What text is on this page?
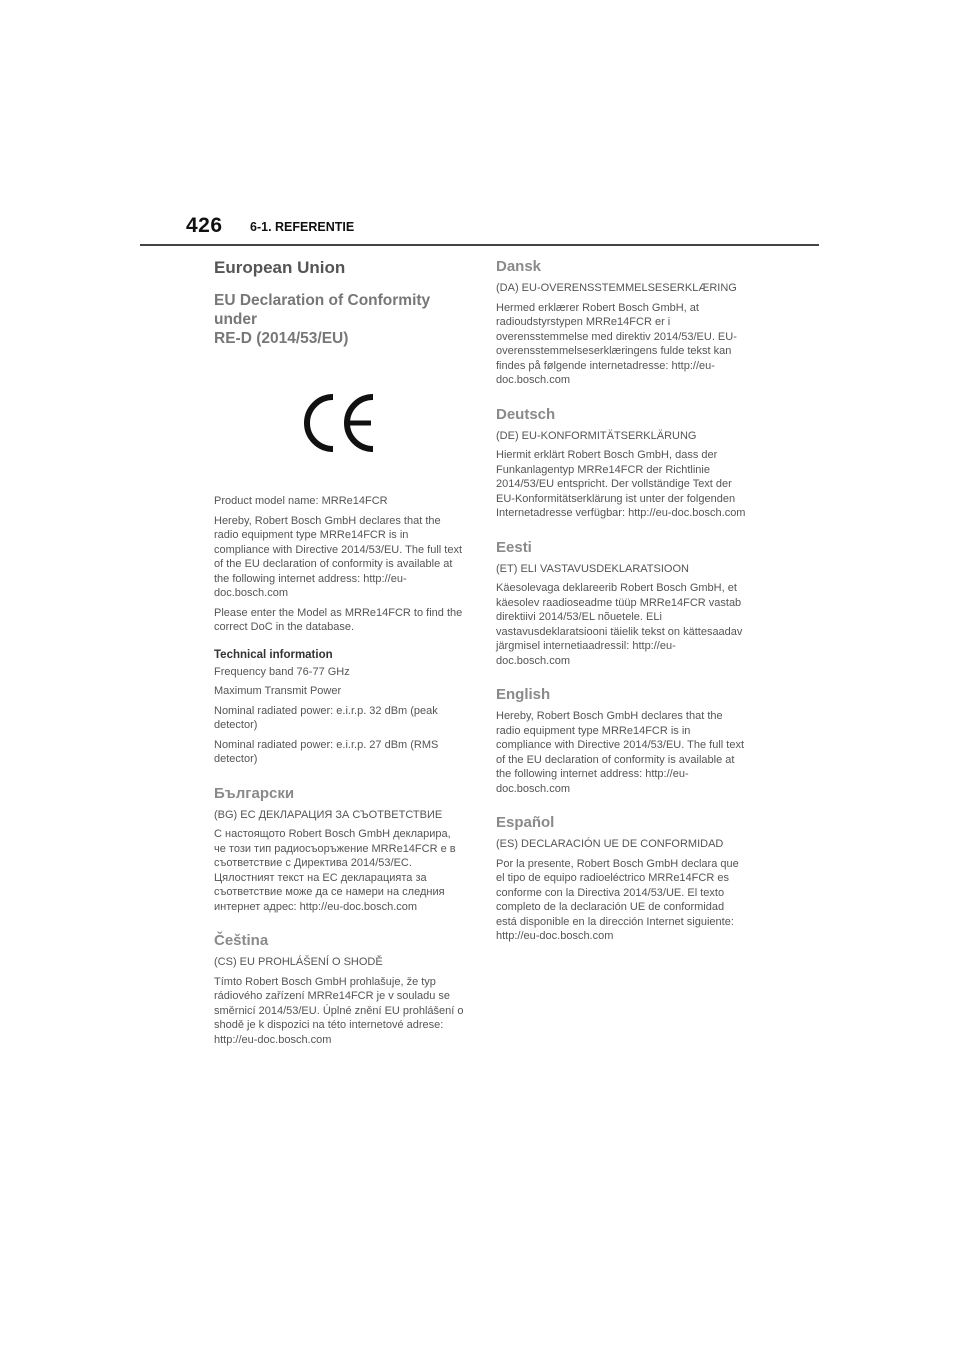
426 6-1. REFERENTIE
European Union
EU Declaration of Conformity under
RE-D (2014/53/EU)

Product model name: MRRe14FCR

Hereby, Robert Bosch GmbH declares that the radio equipment type MRRe14FCR is in compliance with Directive 2014/53/EU. The full text of the EU declaration of conformity is available at the following internet address: http://eu-doc.bosch.com

Please enter the Model as MRRe14FCR to find the correct DoC in the database.

Technical information

Frequency band 76-77 GHz

Maximum Transmit Power

Nominal radiated power: e.i.r.p. 32 dBm (peak detector)

Nominal radiated power: e.i.r.p. 27 dBm (RMS detector)

Български

(BG) ЕС ДЕКЛАРАЦИЯ ЗА СЪОТВЕТСТВИЕ

С настоящото Robert Bosch GmbH декларира, че този тип радиосъоръжение MRRe14FCR е в съответствие с Директива 2014/53/ЕС. Цялостният текст на ЕС декларацията за съответствие може да се намери на следния интернет адрес: http://eu-doc.bosch.com

Čeština

(CS) EU PROHLÁŠENÍ O SHODĚ

Tímto Robert Bosch GmbH prohlašuje, že typ rádiového zařízení MRRe14FCR je v souladu se směrnicí 2014/53/EU. Úplné znění EU prohlášení o shodě je k dispozici na této internetové adrese: http://eu-doc.bosch.com

Dansk

(DA) EU-OVERENSSTEMMELSESERKLÆRING

Hermed erklærer Robert Bosch GmbH, at radioudstyrstypen MRRe14FCR er i overensstemmelse med direktiv 2014/53/EU. EU-overensstemmelseserklæringens fulde tekst kan findes på følgende internetadresse: http://eu-doc.bosch.com

Deutsch

(DE) EU-KONFORMITÄTSERKLÄRUNG

Hiermit erklärt Robert Bosch GmbH, dass der Funkanlagentyp MRRe14FCR der Richtlinie 2014/53/EU entspricht. Der vollständige Text der EU-Konformitätserklärung ist unter der folgenden Internetadresse verfügbar: http://eu-doc.bosch.com

Eesti

(ET) ELI VASTAVUSDEKLARATSIOON

Käesolevaga deklareerib Robert Bosch GmbH, et käesolev raadioseadme tüüp MRRe14FCR vastab direktiivi 2014/53/EL nõuetele. ELi vastavusdeklaratsiooni täielik tekst on kättesaadav järgmisel internetiaadressil: http://eu-doc.bosch.com

English

Hereby, Robert Bosch GmbH declares that the radio equipment type MRRe14FCR is in compliance with Directive 2014/53/EU. The full text of the EU declaration of conformity is available at the following internet address: http://eu-doc.bosch.com

Español

(ES) DECLARACIÓN UE DE CONFORMIDAD

Por la presente, Robert Bosch GmbH declara que el tipo de equipo radioeléctrico MRRe14FCR es conforme con la Directiva 2014/53/UE. El texto completo de la declaración UE de conformidad está disponible en la dirección Internet siguiente: http://eu-doc.bosch.com
